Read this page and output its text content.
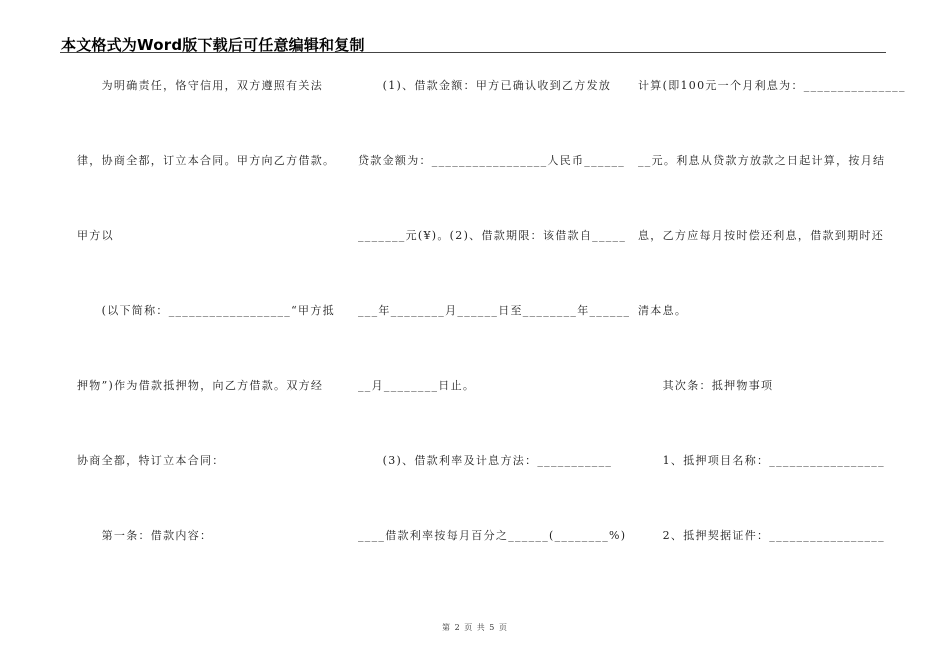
本文格式为Word版下载后可任意编辑和复制
　　为明确责任，恪守信用，双方遵照有关法
律，协商全都，订立本合同。甲方向乙方借款。
甲方以
　　(以下简称：__________________“甲方抵
押物”)作为借款抵押物，向乙方借款。双方经
协商全都，特订立本合同：
　　第一条：借款内容：
　　(1)、借款金额：甲方已确认收到乙方发放
贷款金额为：_________________人民币______
_______元(¥)。(2)、借款期限：该借款自_____
___年________月______日至________年______
__月________日止。
　　(3)、借款利率及计息方法：___________
____借款利率按每月百分之______(________%)
计算(即100元一个月利息为：_______________
__元。利息从贷款方放款之日起计算，按月结
息，乙方应每月按时偿还利息，借款到期时还
清本息。
　　其次条：抵押物事项
　　1、抵押项目名称：_________________
　　2、抵押契据证件：_________________
第 2 页 共 5 页
